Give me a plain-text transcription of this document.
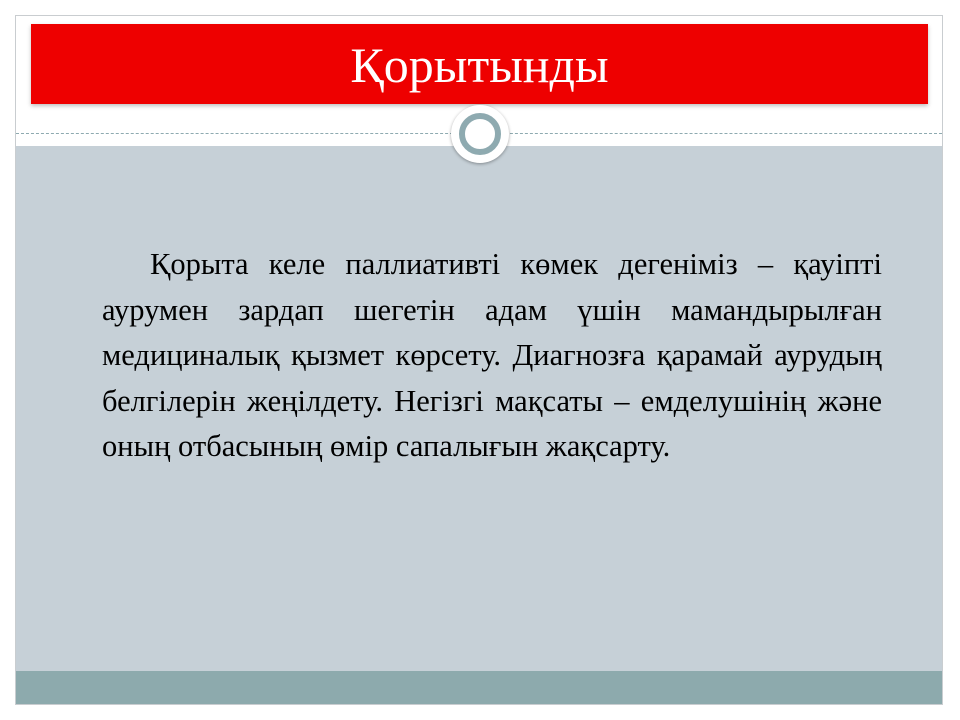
Қорытынды

Қорыта келе паллиативті көмек дегеніміз – қауіпті аурумен зардап шегетін адам үшін мамандырылған медициналық қызмет көрсету. Диагнозға қарамай аурудың белгілерін жеңілдету. Негізгі мақсаты – емделушінің және оның отбасының өмір сапалығын жақсарту.
